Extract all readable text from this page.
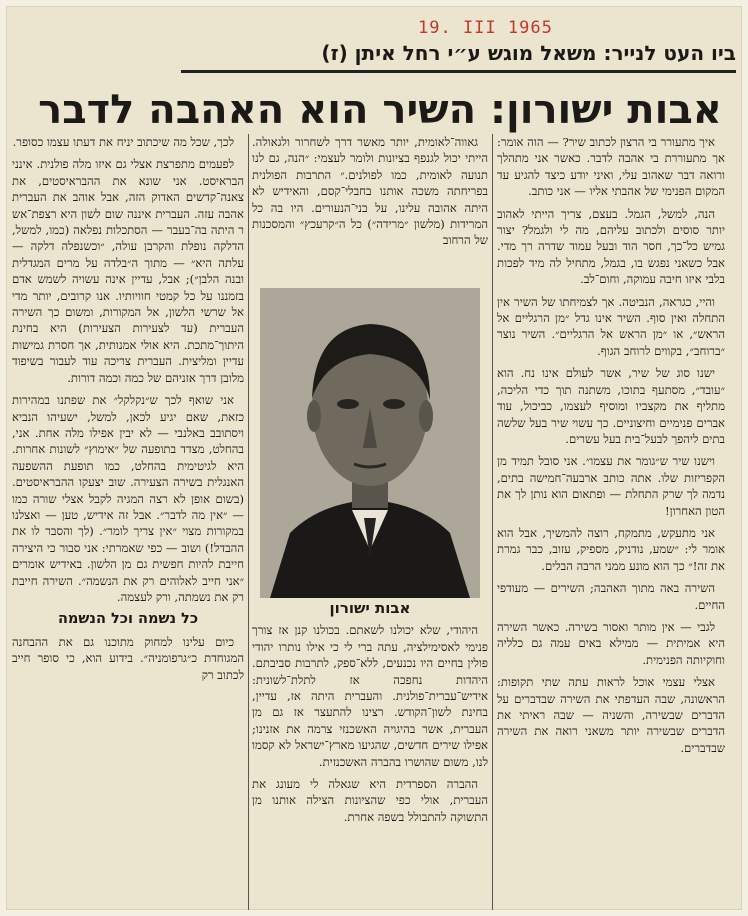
19. III 1965
ביו העט לנייר: משאל מוגש ע״י רחל איתן (ז)
אבות ישורון: השיר הוא האהבה לדבר

איך מתעורר בי הרצון לכתוב שיר? — הוה אומר: אך מתעוררת בי אהבה לדבר. כאשר אני מתהלך ורואה דבר שאהוב עלי, ואיני יודע כיצד להגיע עד המקום הפנימי של אהבתי אליו — אני כותב.

הנה, למשל, הגמל. בעצם, צריך הייתי לאהוב יותר סוסים ולכתוב עליהם, מה לי ולגמל? יצור גמיש כל־כך, חסר הוד ובעל עמוד שדרה רך מדי. אבל כשאני נפגש בו, בגמל, מתחיל לה מיד לפכות בלבי איזו חיבה עמוקה, וחום־לב.

והיי, כגראה, הנביטה. אך לצמיחתו של השיר אין התחלה ואין סוף. השיר אינו גדל ״מן הרגליים אל הראש״, או ״מן הראש אל הרגליים״. השיר נוצר ״ברוחב״, בקווים לרוחב הגוף.

ישנו סוג של שיר, אשר לעולם אינו נח. הוא ״עובד״, מסתעף בתוכו, משתנה תוך כדי הליכה, מתליף את מקצביו ומוסיף לעצמו, כביכול, עוד אברים פנימיים וחיצוניים. כך עשוי שיר בעל שלשה בתים ליהפך לבעל־בית בעל עשרים.

וישנו שיר ש״גומר את עצמו״. אני סובל תמיד מן הקפריזות שלו. אתה כותב ארבעה־חמישה בתים, נדמה לך שרק התחלת — ופתאום הוא נותן לך את הטון האחרון!

אני מתעקש, מתמקח, רוצה להמשיך, אבל הוא אומר לי: ״שמע, נודניק, מספיק, עזוב, כבר גמרת את זה!״ כך הוא מונע ממני הרבה הבלים.

השירה באה מתוך האהבה; השירים — מעודפי החיים.

לגבי — אין מותר ואסור בשירה. כאשר השירה היא אמיתית — ממילא באים עמה גם כלליה וחוקיותה הפנימית.

אצלי עצמי אוכל לראות עתה שתי תקופות: הראשונה, שבה העדפתי את השירה שבדברים על הדברים שבשירה, והשניה — שבה ראיתי את הדברים שבשירה יותר משאני רואה את השירה שבדברים.

גאווה־לאומית, יותר מאשר דרך לשחרור ולגאולה. הייתי יכול לגנפף בציונות ולומר לעצמי: ״הנה, גם לנו תנועה לאומית, כמו לפולנים.״ התרבות הפולנית בפריחתה משכה אותנו בחבלי־קסם, והאידיש לא היתה אהובה עלינו, על בני־הנעורים. היו בה כל המרידות (מלשון ״מרידה״) כל ה״קרעכץ״ והמסכנות של הרחוב

אבות ישורון

היהודי, שלא יכולנו לשאתם. בכולנו קנן אז צורך פנימי לאסימילציה, עתה ברי לי כי אילו נותרו יהודי פולין בחיים היו נכנעים, ללא־ספק, לתרבות סביבתם. היהדות נחפכה אז לתלת־לשונית: אידיש־עברית־פולנית. והעברית היתה אז, עדיין, בחינת לשון־הקודש. רצינו להתעצר אז גם מן העברית, אשר בהיגויה האשכנזי צרמה את אזנינו; אפילו שירים חדשים, שהגיעו מארץ־ישראל לא קסמו לנו, משום שהושרו בהברה האשכנזית.

ההברה הספרדית היא שגאלה לי מעונג את העברית, אולי כפי שהציונות הצילה אותנו מן התשוקה להתבולל בשפה אחרת.

לכך, שכל מה שיכתוב יניח את דעתו עצמו כסופר.

לפעמים מתפרצת אצלי גם איזו מלה פולנית. אינני הבראיסט. אני שונא את ההבראיסטים, את צאנה־קדשים האדוק הזה, אבל אוהב את העברית אהבה עזה. העברית איננה שום לשון היא רצפת־אש ר היתה בה־בעבר — הסתכלות נפלאה (כמו, למשל, הדלקה נופלת והקרבן עולה, ״וכשנפלה דלקה — עלתה היא״ — מתוך ה״בלדה על מרים המגדלית ובנה הלבן״); אבל, עדיין אינה עשויה לשמש אדם בזמננו על כל קמטי חוויותיו. אנו קרובים, יותר מדי אל שרשי הלשון, אל המקורות, ומשום כך השירה העברית (עד לצעירות הצעירות) היא בחינת היתוך־מתכת. היא אולי אמנותית, אך חסרת גמישות עדיין ומליצית. העברית צריכה עוד לעבור בשיפוד מלובן דרך אזניהם של כמה וכמה דורות.

אני שואף לכך ש״נקלקל״ את שפתנו במהירות כזאת, שאם יגיע לכאן, למשל, ישעיהו הנביא ויסתובב באלנבי — לא יבין אפילו מלה אחת. אני, בהחלט, מצדד בתופעה של ״אימוץ״ לשונות אחרות. היא לגיטימית בהחלט, כמו תופעת ההשפעה האנגלית בשירה הצעירה. שוב יצעקו ההבראיסטים. (בשום אופן לא רצה המגיה לקבל אצלי שורה כמו — ״אין מה לדבר״. אבל זה אידיש, טען — ואצלנו במקורות מצוי ״אין צריך לומר״. (לך והסבר לו את ההבדל!) ושוב — כפי שאמרתי: אני סבור כי היצירה חייבת להיות חפשית גם מן הלשון. באידיש אומרים ״אני חייב לאלוהים רק את הנשמה״. השירה חייבת רק את נשמתה, ורק לעצמה.

כל נשמה וכל הנשמה

כיום עלינו למחוק מתוכנו גם את ההבחנה המגוחדת כ״גרפומניה״. בידוע הוא, כי סופר חייב לכתוב רק
